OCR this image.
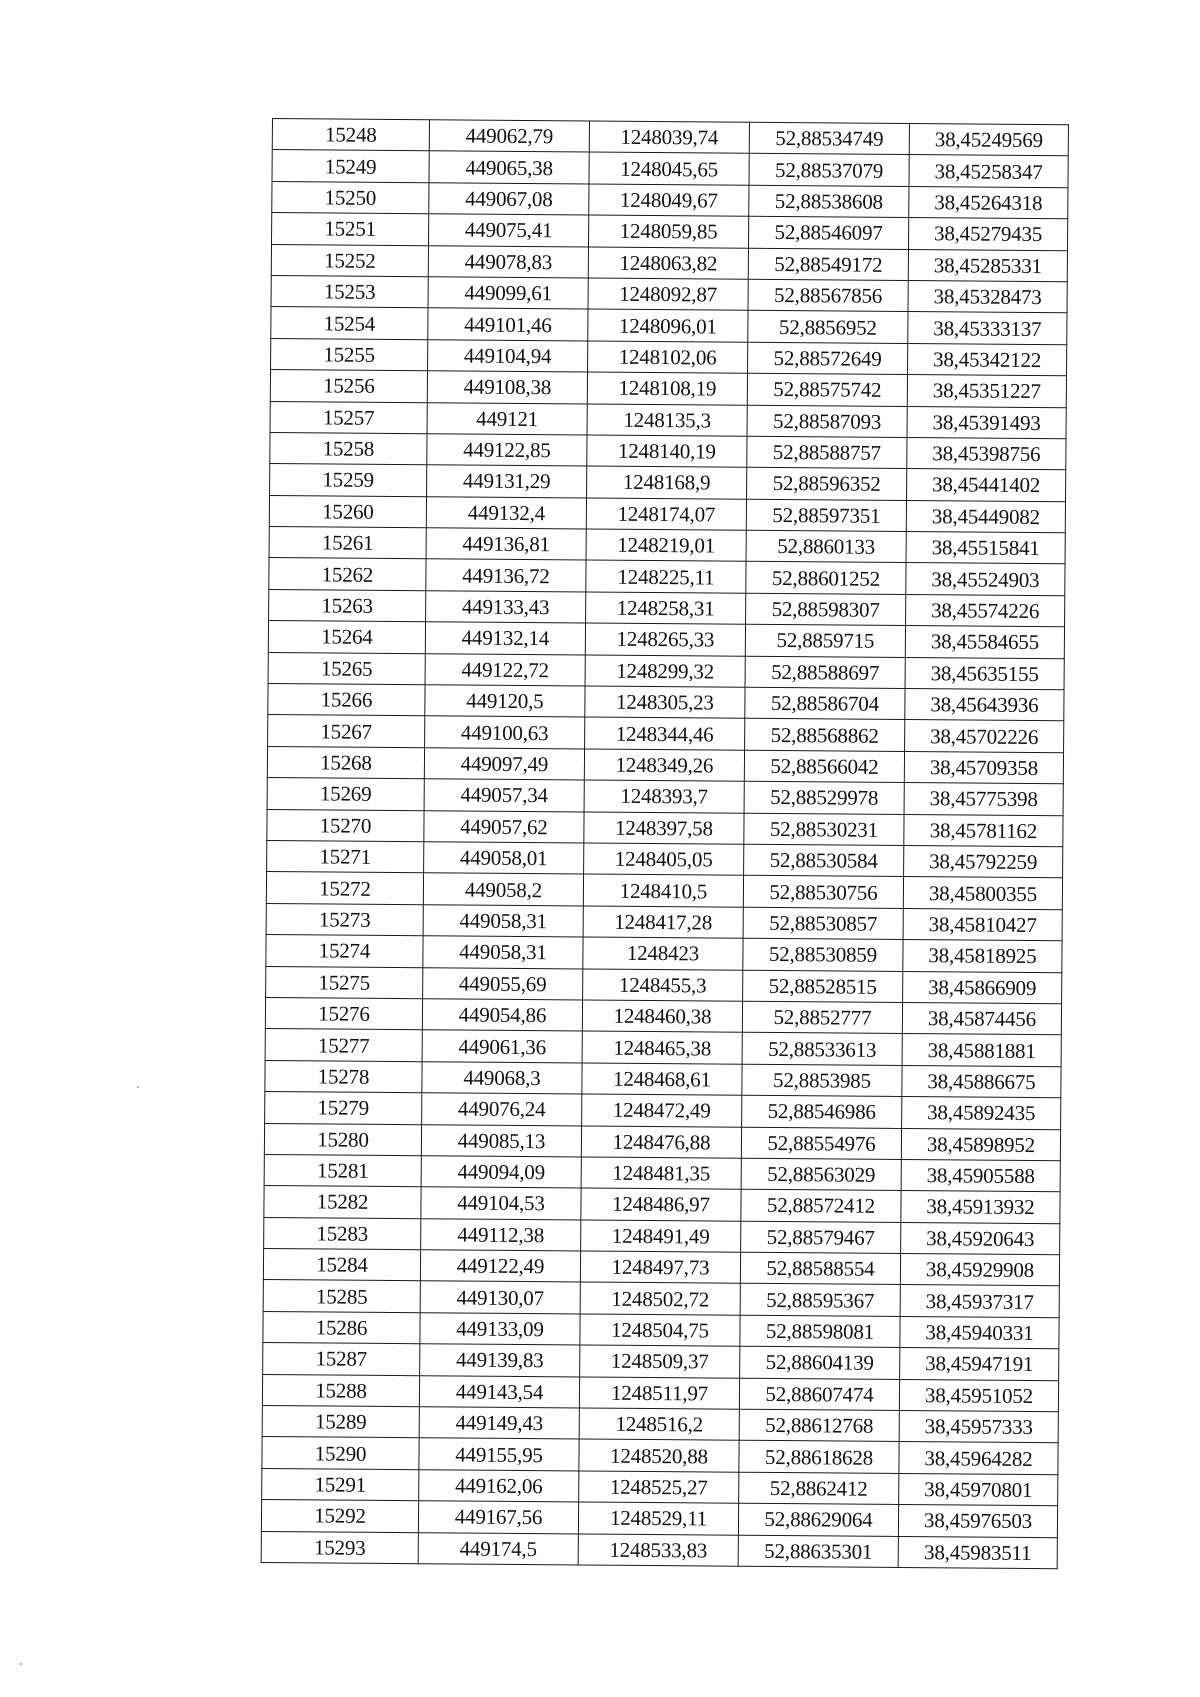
15248	449062,79	1248039,74	52,88534749	38,45249569
15249	449065,38	1248045,65	52,88537079	38,45258347
15250	449067,08	1248049,67	52,88538608	38,45264318
15251	449075,41	1248059,85	52,88546097	38,45279435
15252	449078,83	1248063,82	52,88549172	38,45285331
15253	449099,61	1248092,87	52,88567856	38,45328473
15254	449101,46	1248096,01	52,8856952	38,45333137
15255	449104,94	1248102,06	52,88572649	38,45342122
15256	449108,38	1248108,19	52,88575742	38,45351227
15257	449121	1248135,3	52,88587093	38,45391493
15258	449122,85	1248140,19	52,88588757	38,45398756
15259	449131,29	1248168,9	52,88596352	38,45441402
15260	449132,4	1248174,07	52,88597351	38,45449082
15261	449136,81	1248219,01	52,8860133	38,45515841
15262	449136,72	1248225,11	52,88601252	38,45524903
15263	449133,43	1248258,31	52,88598307	38,45574226
15264	449132,14	1248265,33	52,8859715	38,45584655
15265	449122,72	1248299,32	52,88588697	38,45635155
15266	449120,5	1248305,23	52,88586704	38,45643936
15267	449100,63	1248344,46	52,88568862	38,45702226
15268	449097,49	1248349,26	52,88566042	38,45709358
15269	449057,34	1248393,7	52,88529978	38,45775398
15270	449057,62	1248397,58	52,88530231	38,45781162
15271	449058,01	1248405,05	52,88530584	38,45792259
15272	449058,2	1248410,5	52,88530756	38,45800355
15273	449058,31	1248417,28	52,88530857	38,45810427
15274	449058,31	1248423	52,88530859	38,45818925
15275	449055,69	1248455,3	52,88528515	38,45866909
15276	449054,86	1248460,38	52,8852777	38,45874456
15277	449061,36	1248465,38	52,88533613	38,45881881
15278	449068,3	1248468,61	52,8853985	38,45886675
15279	449076,24	1248472,49	52,88546986	38,45892435
15280	449085,13	1248476,88	52,88554976	38,45898952
15281	449094,09	1248481,35	52,88563029	38,45905588
15282	449104,53	1248486,97	52,88572412	38,45913932
15283	449112,38	1248491,49	52,88579467	38,45920643
15284	449122,49	1248497,73	52,88588554	38,45929908
15285	449130,07	1248502,72	52,88595367	38,45937317
15286	449133,09	1248504,75	52,88598081	38,45940331
15287	449139,83	1248509,37	52,88604139	38,45947191
15288	449143,54	1248511,97	52,88607474	38,45951052
15289	449149,43	1248516,2	52,88612768	38,45957333
15290	449155,95	1248520,88	52,88618628	38,45964282
15291	449162,06	1248525,27	52,8862412	38,45970801
15292	449167,56	1248529,11	52,88629064	38,45976503
15293	449174,5	1248533,83	52,88635301	38,45983511
